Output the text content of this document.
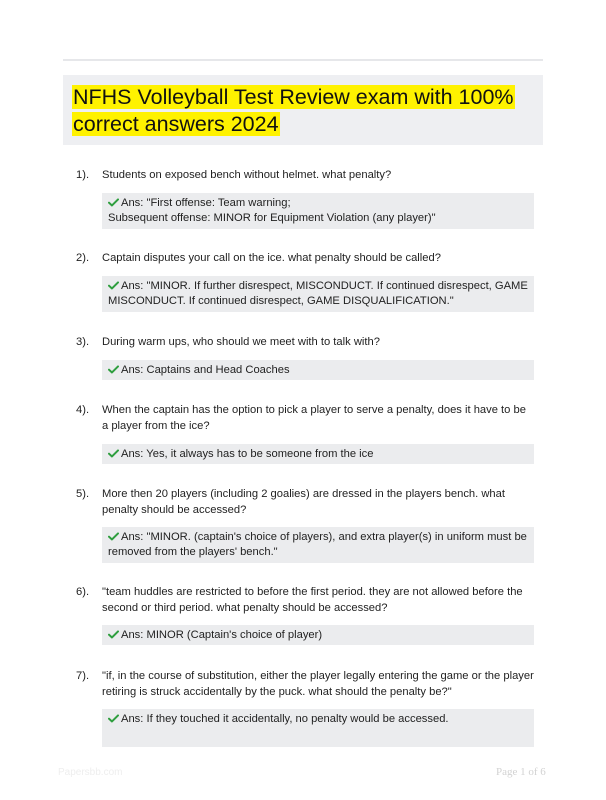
NFHS Volleyball Test Review exam with 100% correct answers 2024
1). Students on exposed bench without helmet. what penalty?
Ans: "First offense: Team warning;
Subsequent offense: MINOR for Equipment Violation (any player)"
2). Captain disputes your call on the ice. what penalty should be called?
Ans: "MINOR. If further disrespect, MISCONDUCT. If continued disrespect, GAME
MISCONDUCT. If continued disrespect, GAME DISQUALIFICATION."
3). During warm ups, who should we meet with to talk with?
Ans: Captains and Head Coaches
4). When the captain has the option to pick a player to serve a penalty, does it have to be a player from the ice?
Ans: Yes, it always has to be someone from the ice
5). More then 20 players (including 2 goalies) are dressed in the players bench. what penalty should be accessed?
Ans: "MINOR. (captain's choice of players), and extra player(s) in uniform must be
removed from the players' bench."
6). "team huddles are restricted to before the first period. they are not allowed before the second or third period. what penalty should be accessed?
Ans: MINOR (Captain's choice of player)
7). "if, in the course of substitution, either the player legally entering the game or the player retiring is struck accidentally by the puck. what should the penalty be?"
Ans: If they touched it accidentally, no penalty would be accessed.
Papersbb.com	Page 1 of 6
